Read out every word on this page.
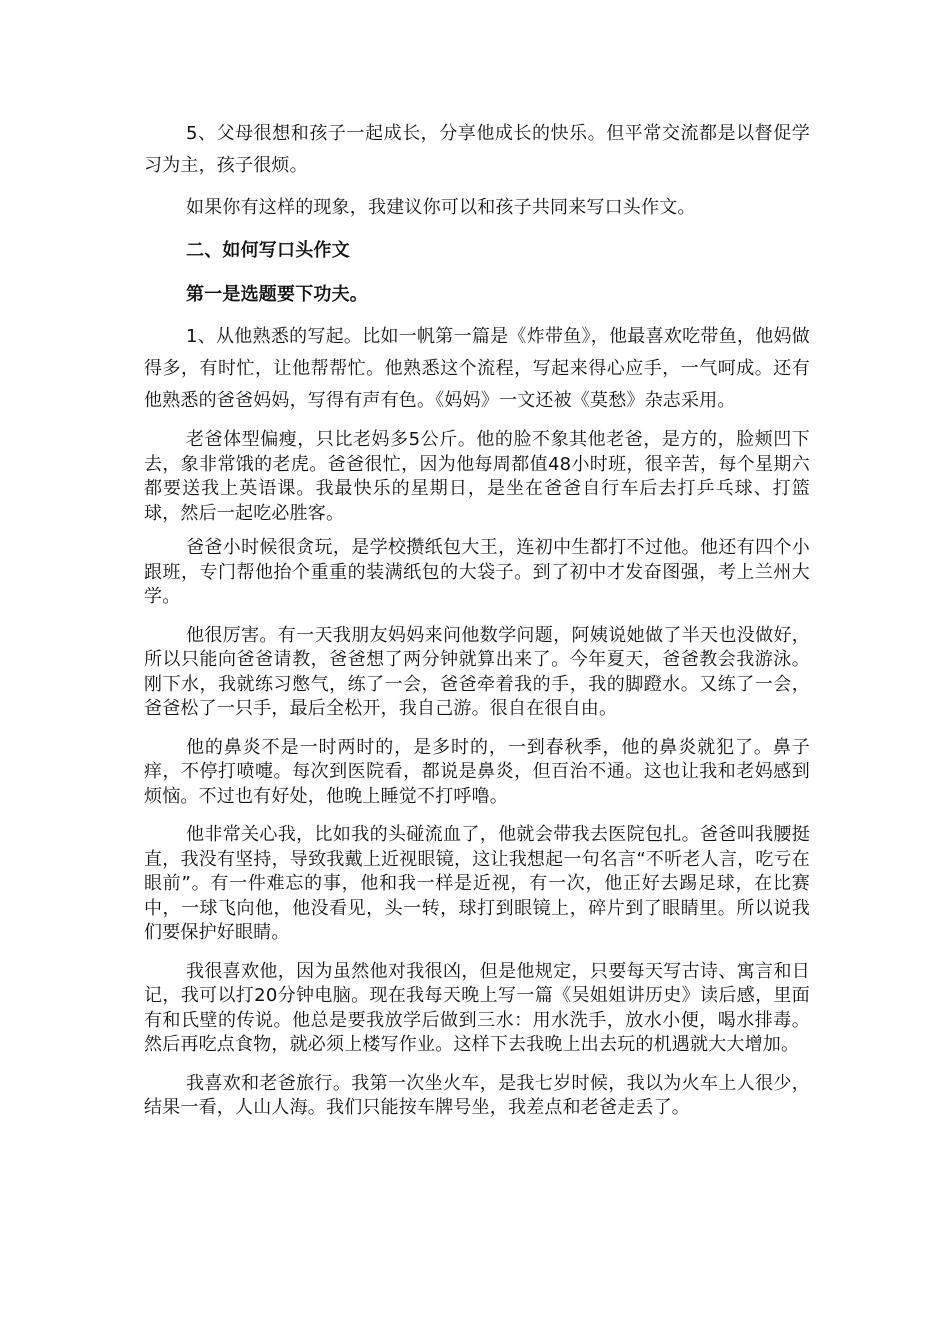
5、父母很想和孩子一起成长，分享他成长的快乐。但平常交流都是以督促学习为主，孩子很烦。

如果你有这样的现象，我建议你可以和孩子共同来写口头作文。

二、如何写口头作文

第一是选题要下功夫。

1、从他熟悉的写起。比如一帆第一篇是《炸带鱼》，他最喜欢吃带鱼，他妈做得多，有时忙，让他帮帮忙。他熟悉这个流程，写起来得心应手，一气呵成。还有他熟悉的爸爸妈妈，写得有声有色。《妈妈》一文还被《莫愁》杂志采用。

老爸体型偏瘦，只比老妈多5公斤。他的脸不象其他老爸，是方的，脸颊凹下去，象非常饿的老虎。爸爸很忙，因为他每周都值48小时班，很辛苦，每个星期六都要送我上英语课。我最快乐的星期日，是坐在爸爸自行车后去打乒乓球、打篮球，然后一起吃必胜客。

爸爸小时候很贪玩，是学校攒纸包大王，连初中生都打不过他。他还有四个小跟班，专门帮他抬个重重的装满纸包的大袋子。到了初中才发奋图强，考上兰州大学。

他很厉害。有一天我朋友妈妈来问他数学问题，阿姨说她做了半天也没做好，所以只能向爸爸请教，爸爸想了两分钟就算出来了。今年夏天，爸爸教会我游泳。刚下水，我就练习憋气，练了一会，爸爸牵着我的手，我的脚蹬水。又练了一会，爸爸松了一只手，最后全松开，我自己游。很自在很自由。

他的鼻炎不是一时两时的，是多时的，一到春秋季，他的鼻炎就犯了。鼻子痒，不停打喷嚏。每次到医院看，都说是鼻炎，但百治不通。这也让我和老妈感到烦恼。不过也有好处，他晚上睡觉不打呼噜。

他非常关心我，比如我的头碰流血了，他就会带我去医院包扎。爸爸叫我腰挺直，我没有坚持，导致我戴上近视眼镜，这让我想起一句名言“不听老人言，吃亏在眼前”。有一件难忘的事，他和我一样是近视，有一次，他正好去踢足球，在比赛中，一球飞向他，他没看见，头一转，球打到眼镜上，碎片到了眼睛里。所以说我们要保护好眼睛。

我很喜欢他，因为虽然他对我很凶，但是他规定，只要每天写古诗、寓言和日记，我可以打20分钟电脑。现在我每天晚上写一篇《吴姐姐讲历史》读后感，里面有和氏壁的传说。他总是要我放学后做到三水：用水洗手，放水小便，喝水排毒。然后再吃点食物，就必须上楼写作业。这样下去我晚上出去玩的机遇就大大增加。

我喜欢和老爸旅行。我第一次坐火车，是我七岁时候，我以为火车上人很少，结果一看，人山人海。我们只能按车牌号坐，我差点和老爸走丢了。
